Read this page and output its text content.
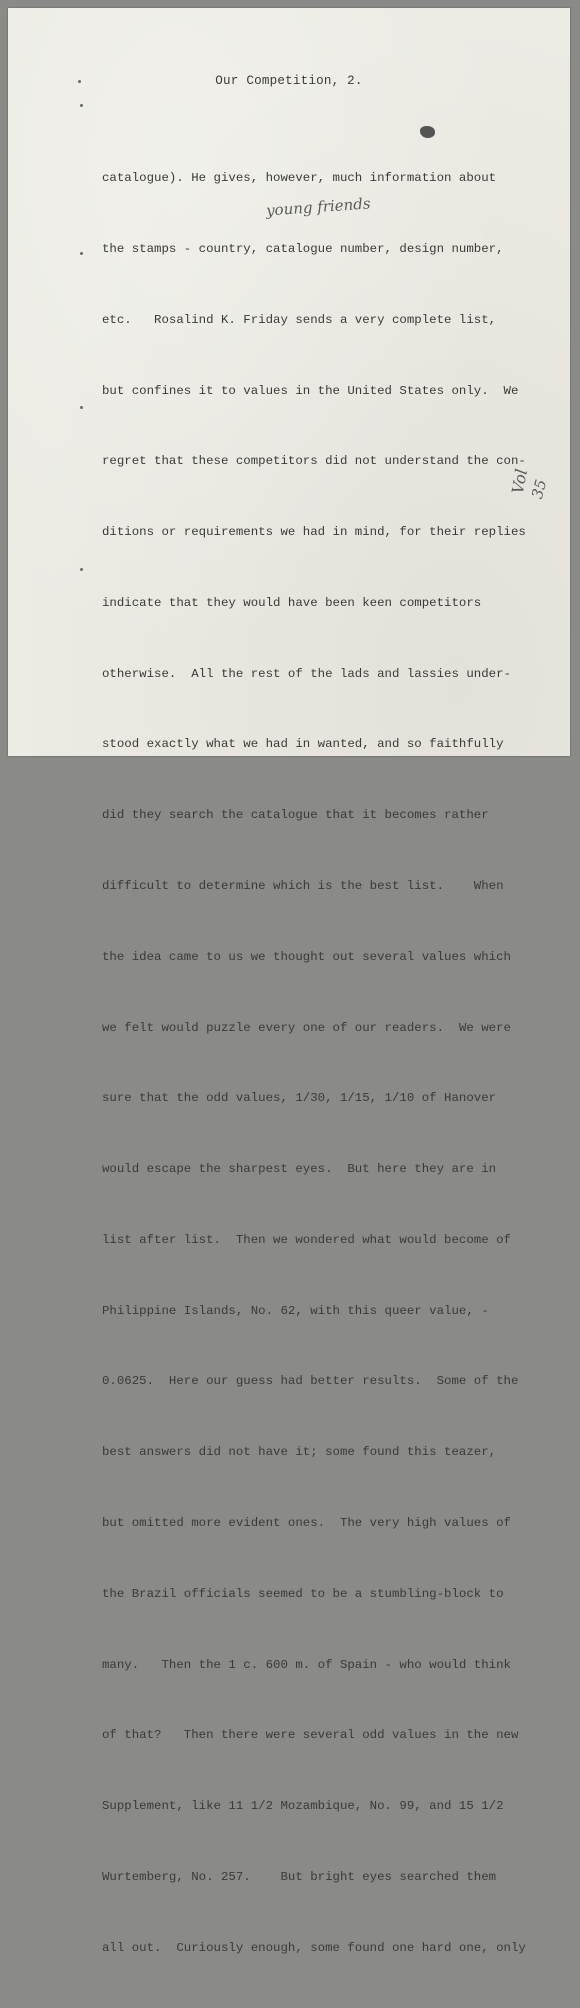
Our Competition, 2.
young friends
Vol
35

catalogue). He gives, however, much information about

the stamps - country, catalogue number, design number,

etc.   Rosalind K. Friday sends a very complete list,

but confines it to values in the United States only.  We

regret that these competitors did not understand the con-

ditions or requirements we had in mind, for their replies

indicate that they would have been keen competitors

otherwise.  All the rest of the lads and lassies under-

stood exactly what we had in wanted, and so faithfully

did they search the catalogue that it becomes rather

difficult to determine which is the best list.    When

the idea came to us we thought out several values which

we felt would puzzle every one of our readers.  We were

sure that the odd values, 1/30, 1/15, 1/10 of Hanover

would escape the sharpest eyes.  But here they are in

list after list.  Then we wondered what would become of

Philippine Islands, No. 62, with this queer value, -

0.0625.  Here our guess had better results.  Some of the

best answers did not have it; some found this teazer,

but omitted more evident ones.  The very high values of

the Brazil officials seemed to be a stumbling-block to

many.   Then the 1 c. 600 m. of Spain - who would think

of that?   Then there were several odd values in the new

Supplement, like 11 1/2 Mozambique, No. 99, and 15 1/2

Wurtemberg, No. 257.    But bright eyes searched them

all out.  Curiously enough, some found one hard one, only
